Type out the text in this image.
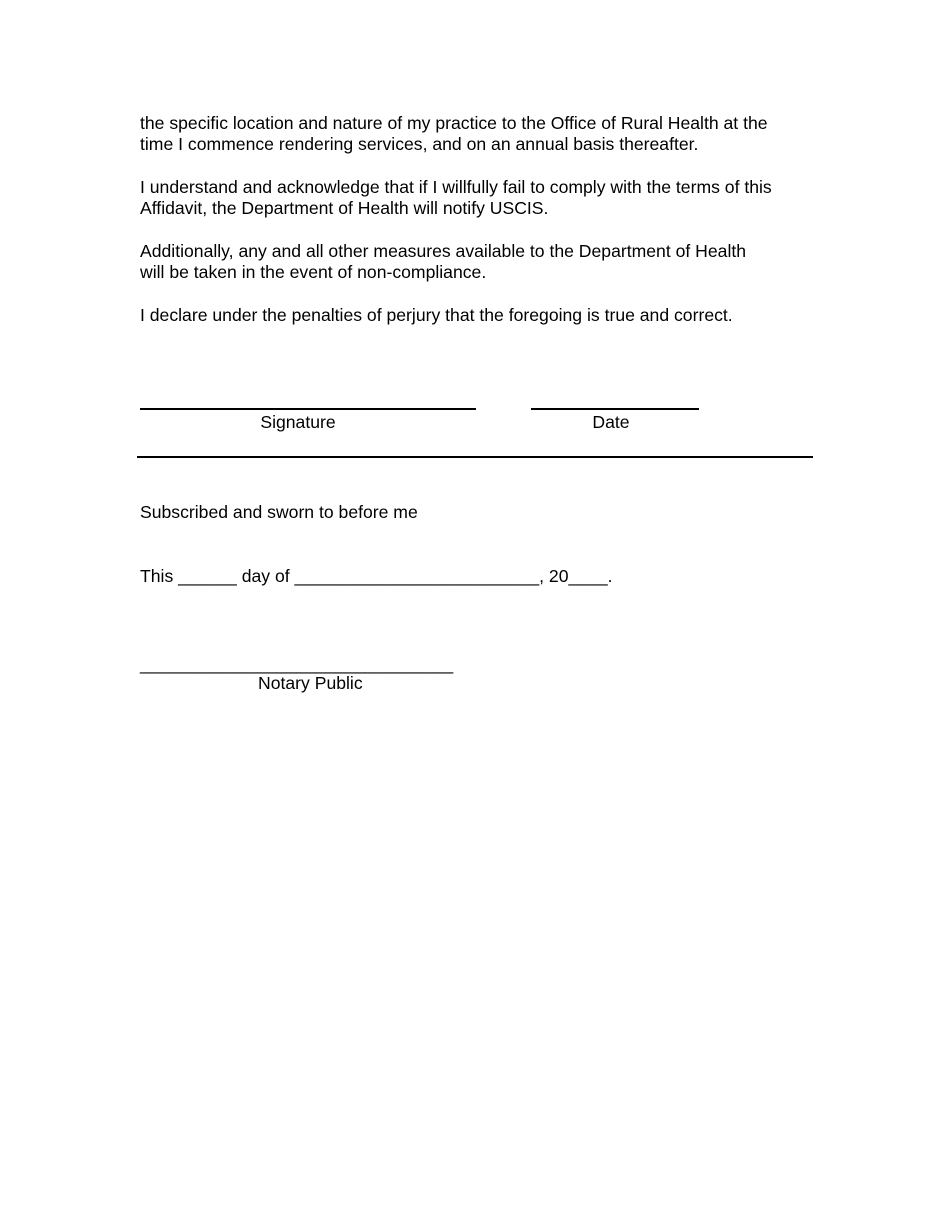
the specific location and nature of my practice to the Office of Rural Health at the
time I commence rendering services, and on an annual basis thereafter.

I understand and acknowledge that if I willfully fail to comply with the terms of this
Affidavit, the Department of Health will notify USCIS.

Additionally, any and all other measures available to the Department of Health
will be taken in the event of non-compliance.

I declare under the penalties of perjury that the foregoing is true and correct.

Signature	Date
Subscribed and sworn to before me
This ______ day of _________________________, 20____.
________________________________
Notary Public
